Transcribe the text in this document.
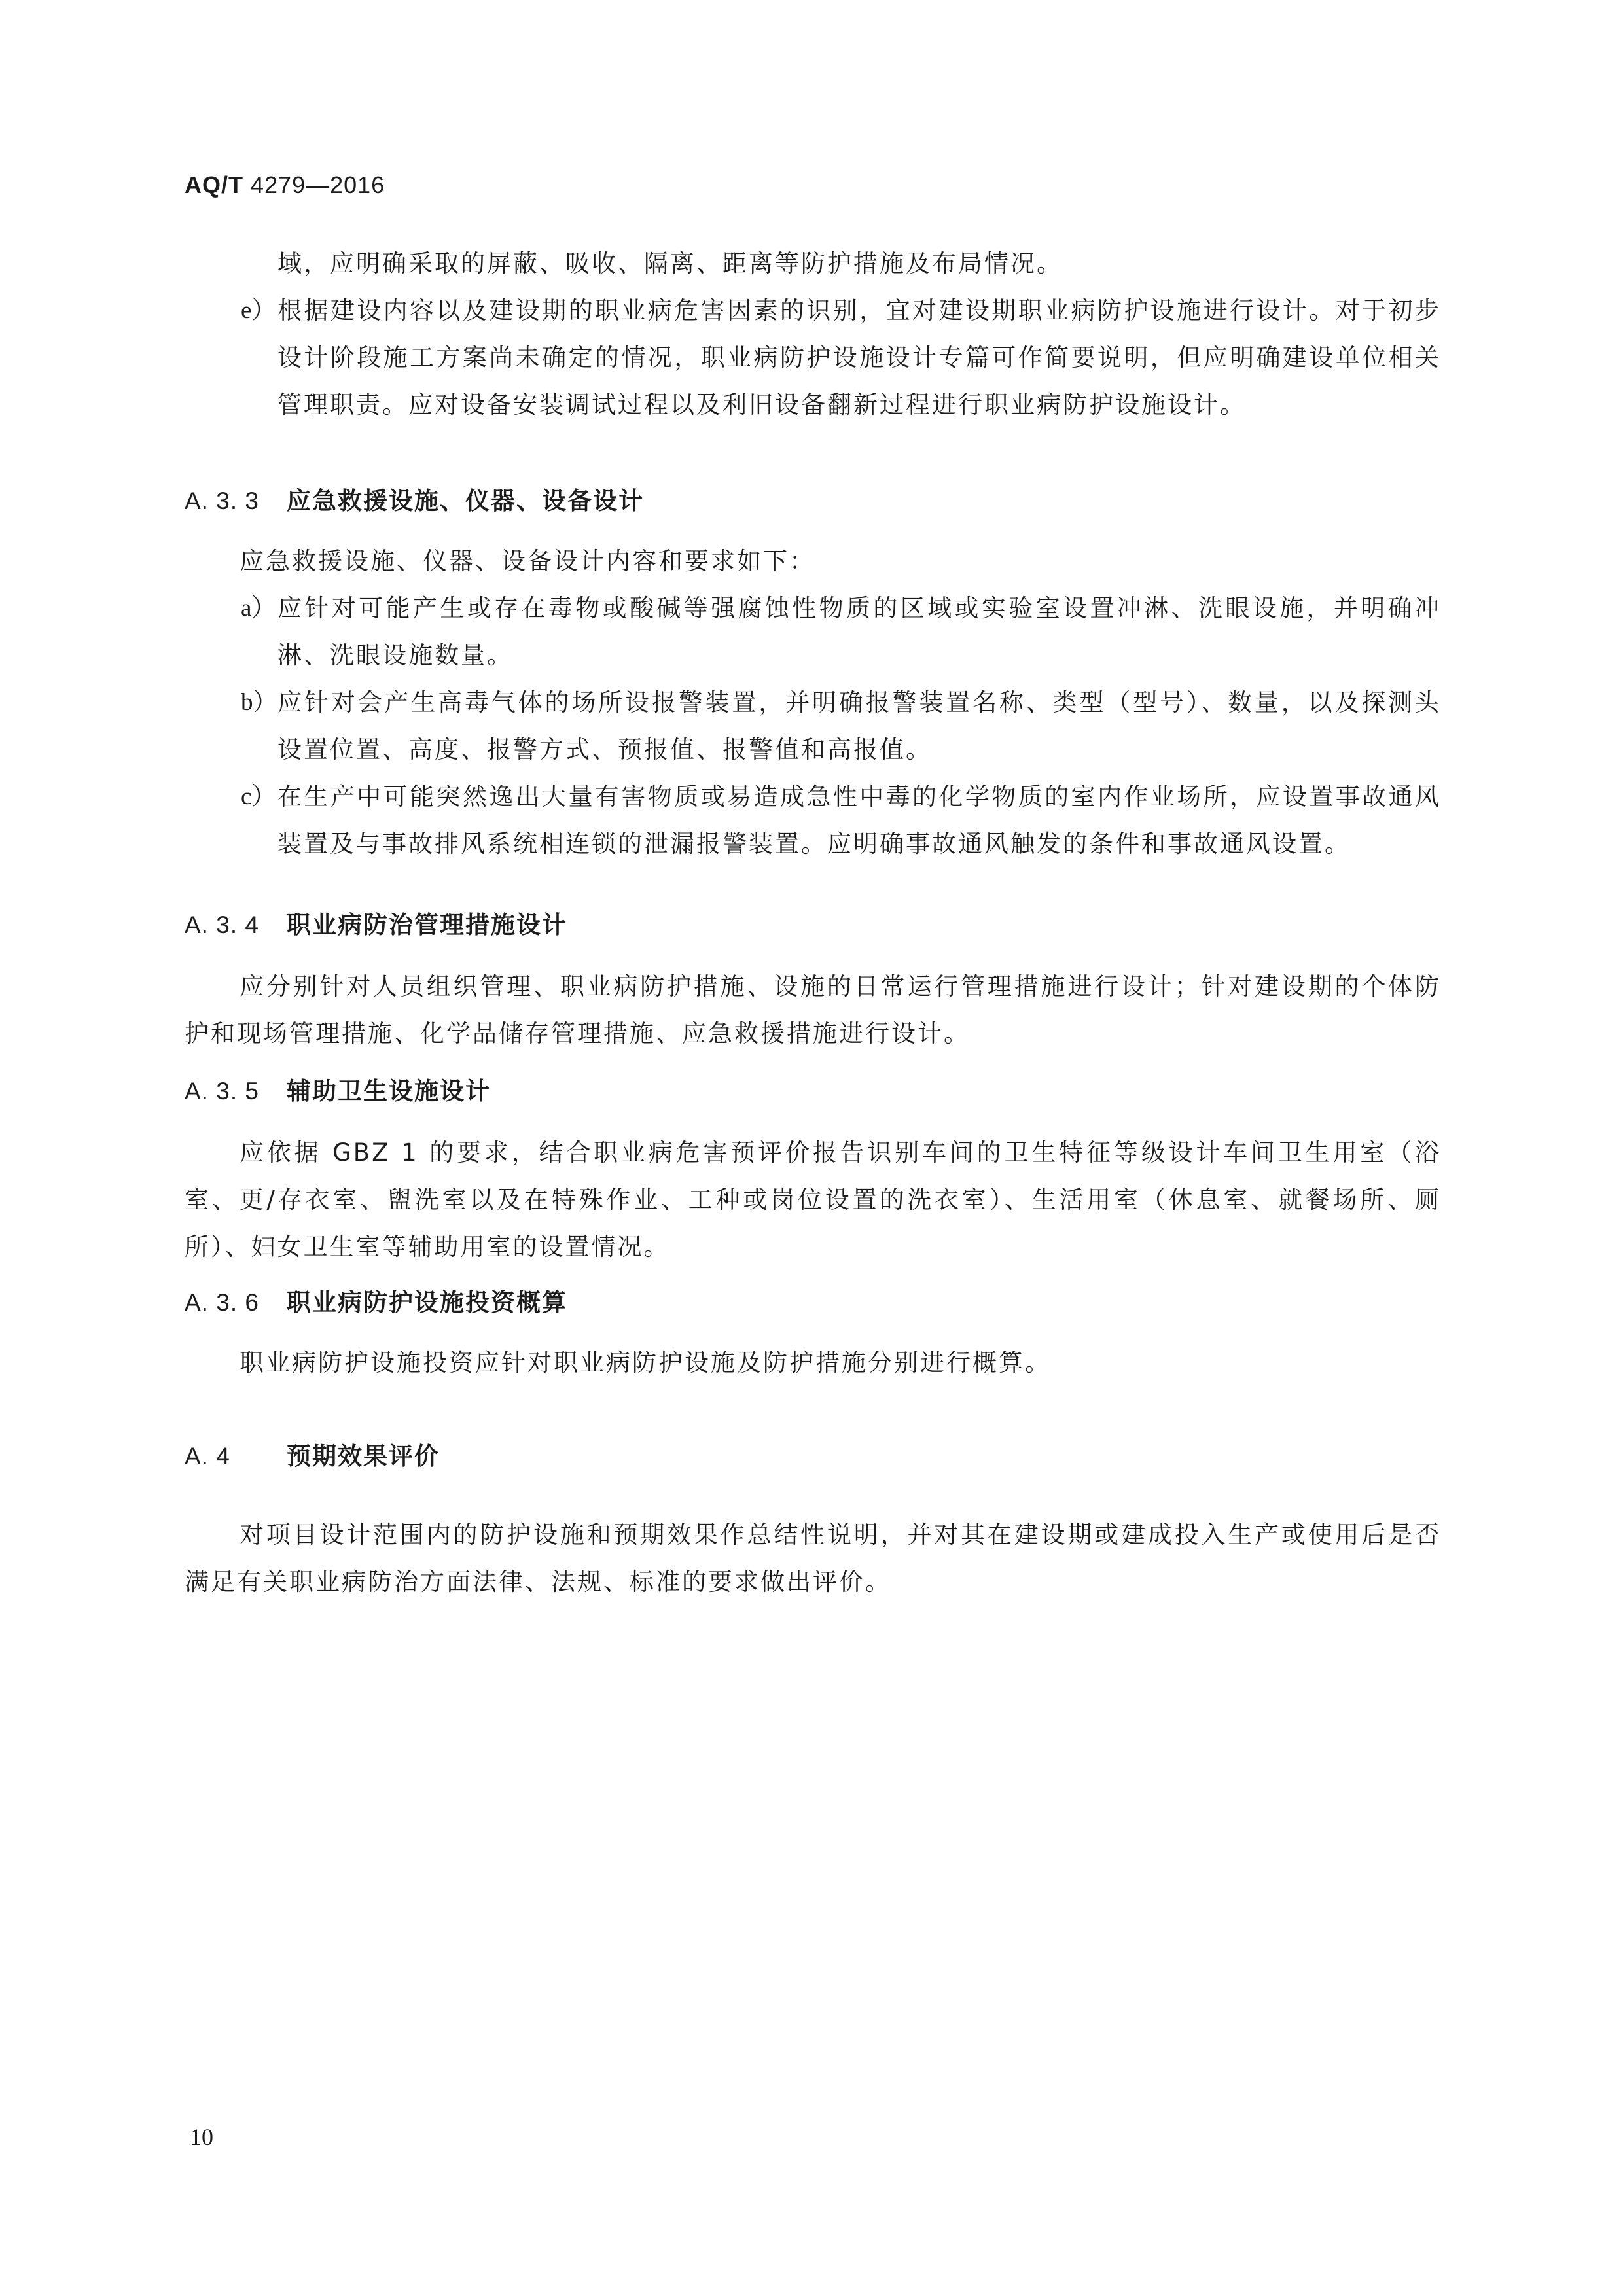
AQ/T 4279—2016
域，应明确采取的屏蔽、吸收、隔离、距离等防护措施及布局情况。
e） 根据建设内容以及建设期的职业病危害因素的识别，宜对建设期职业病防护设施进行设计。对于初步设计阶段施工方案尚未确定的情况，职业病防护设施设计专篇可作简要说明，但应明确建设单位相关管理职责。应对设备安装调试过程以及利旧设备翻新过程进行职业病防护设施设计。
A. 3. 3 应急救援设施、仪器、设备设计
应急救援设施、仪器、设备设计内容和要求如下：
a） 应针对可能产生或存在毒物或酸碱等强腐蚀性物质的区域或实验室设置冲淋、洗眼设施，并明确冲淋、洗眼设施数量。
b） 应针对会产生高毒气体的场所设报警装置，并明确报警装置名称、类型（型号）、数量，以及探测头设置位置、高度、报警方式、预报值、报警值和高报值。
c） 在生产中可能突然逸出大量有害物质或易造成急性中毒的化学物质的室内作业场所，应设置事故通风装置及与事故排风系统相连锁的泄漏报警装置。应明确事故通风触发的条件和事故通风设置。
A. 3. 4 职业病防治管理措施设计
应分别针对人员组织管理、职业病防护措施、设施的日常运行管理措施进行设计；针对建设期的个体防护和现场管理措施、化学品储存管理措施、应急救援措施进行设计。
A. 3. 5 辅助卫生设施设计
应依据 GBZ 1 的要求，结合职业病危害预评价报告识别车间的卫生特征等级设计车间卫生用室（浴室、更/存衣室、盥洗室以及在特殊作业、工种或岗位设置的洗衣室）、生活用室（休息室、就餐场所、厕所）、妇女卫生室等辅助用室的设置情况。
A. 3. 6 职业病防护设施投资概算
职业病防护设施投资应针对职业病防护设施及防护措施分别进行概算。
A. 4 预期效果评价
对项目设计范围内的防护设施和预期效果作总结性说明，并对其在建设期或建成投入生产或使用后是否满足有关职业病防治方面法律、法规、标准的要求做出评价。
10
